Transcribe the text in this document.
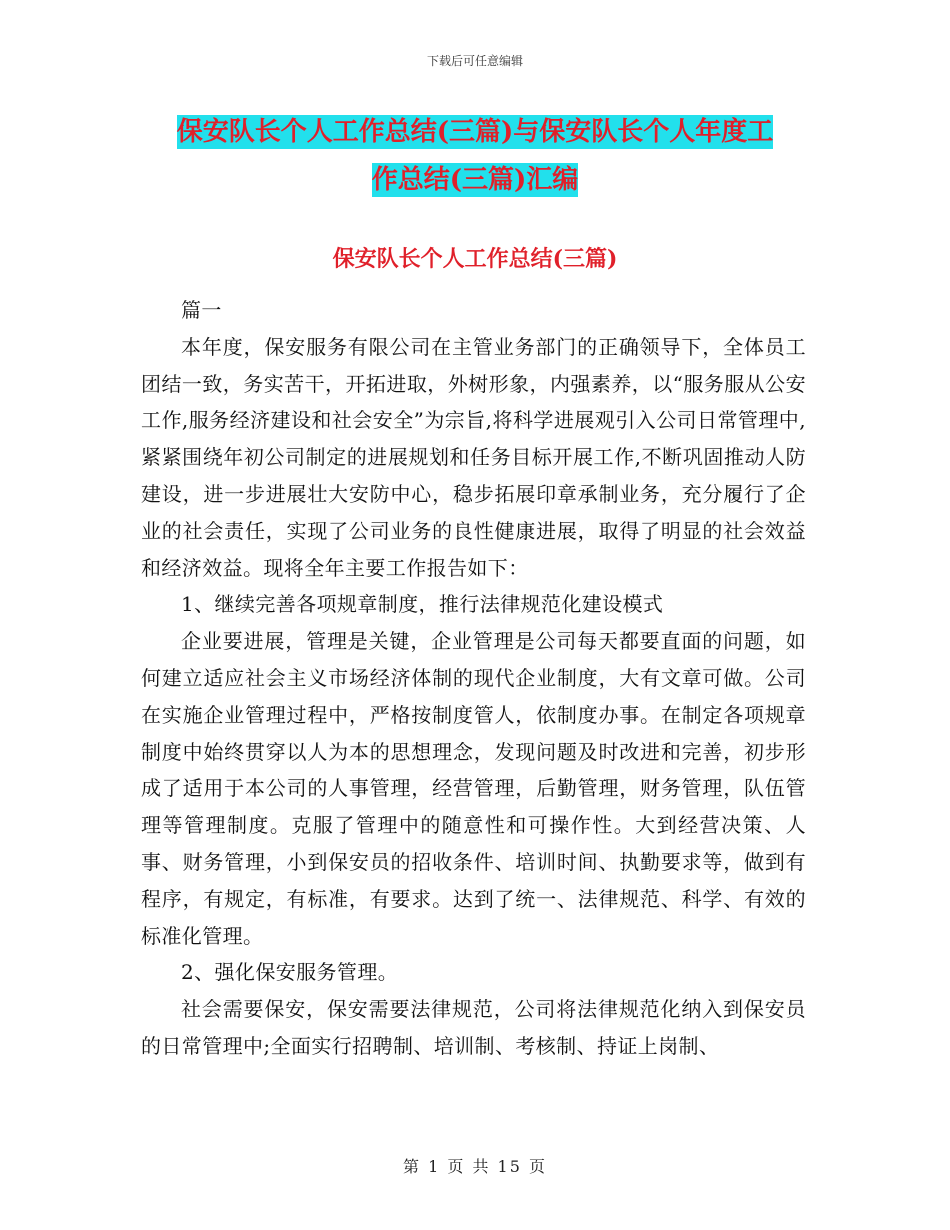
下载后可任意编辑
保安队长个人工作总结(三篇)与保安队长个人年度工
作总结(三篇)汇编
保安队长个人工作总结(三篇)

篇一

本年度，保安服务有限公司在主管业务部门的正确领导下，全体员工团结一致，务实苦干，开拓进取，外树形象，内强素养，以“服务服从公安工作,服务经济建设和社会安全”为宗旨,将科学进展观引入公司日常管理中,紧紧围绕年初公司制定的进展规划和任务目标开展工作,不断巩固推动人防建设，进一步进展壮大安防中心，稳步拓展印章承制业务，充分履行了企业的社会责任，实现了公司业务的良性健康进展，取得了明显的社会效益和经济效益。现将全年主要工作报告如下：

1、继续完善各项规章制度，推行法律规范化建设模式

企业要进展，管理是关键，企业管理是公司每天都要直面的问题，如何建立适应社会主义市场经济体制的现代企业制度，大有文章可做。公司在实施企业管理过程中，严格按制度管人，依制度办事。在制定各项规章制度中始终贯穿以人为本的思想理念，发现问题及时改进和完善，初步形成了适用于本公司的人事管理，经营管理，后勤管理，财务管理，队伍管理等管理制度。克服了管理中的随意性和可操作性。大到经营决策、人事、财务管理，小到保安员的招收条件、培训时间、执勤要求等，做到有程序，有规定，有标准，有要求。达到了统一、法律规范、科学、有效的标准化管理。

2、强化保安服务管理。

社会需要保安，保安需要法律规范，公司将法律规范化纳入到保安员的日常管理中;全面实行招聘制、培训制、考核制、持证上岗制、

第 1 页 共 15 页
